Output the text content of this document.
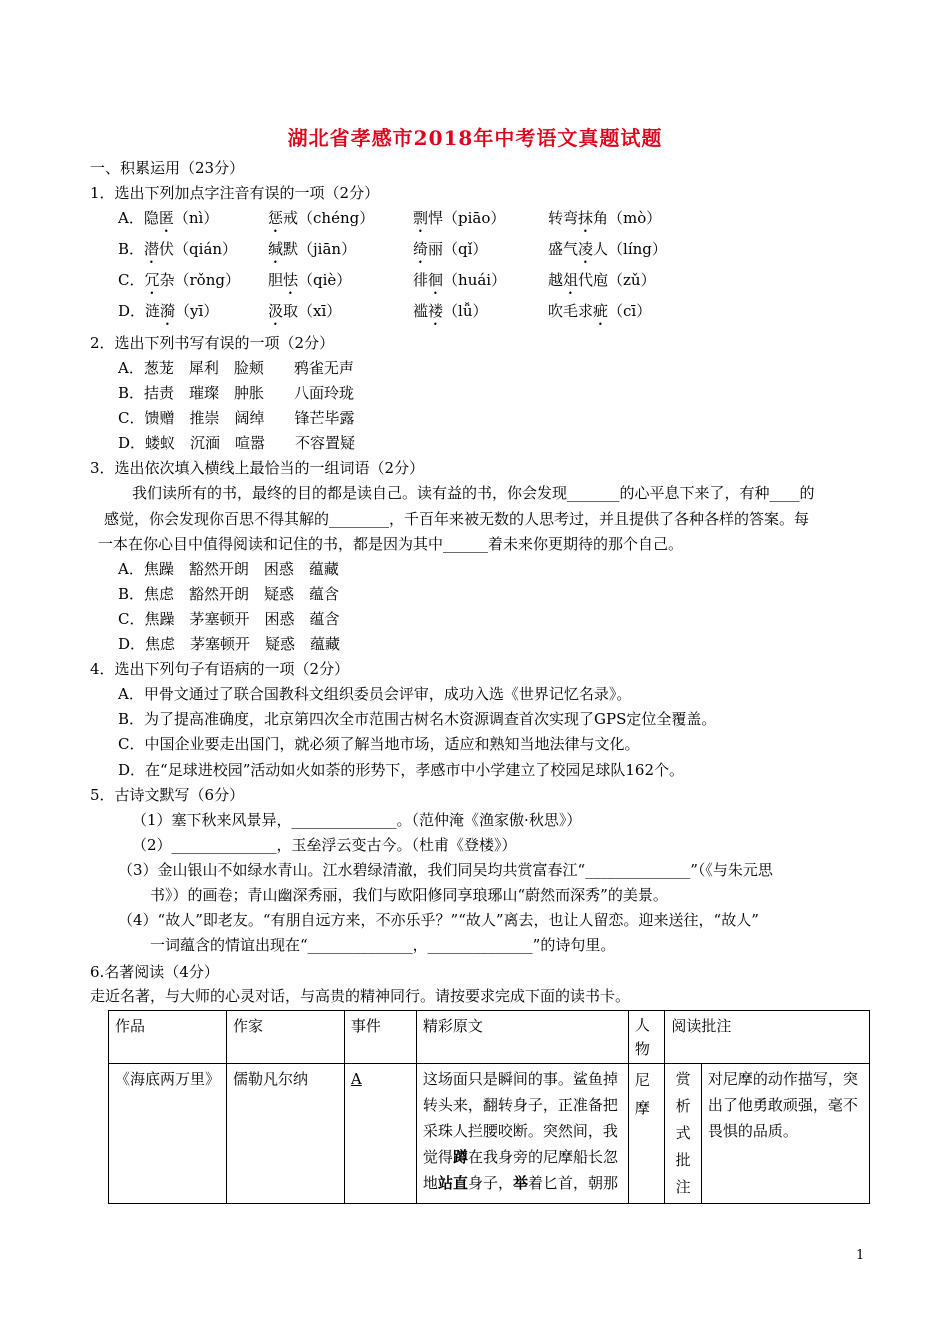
湖北省孝感市2018年中考语文真题试题
一、积累运用（23分）
1．选出下列加点字注音有误的一项（2分）
A．隐匿（nì）	惩戒（chéng）	剽悍（piāo）	转弯抹角（mò）
B．潜伏（qián） 缄默（jiān）	绮丽（qǐ）	盛气凌人（líng）
C．冗杂（rǒng） 胆怯（qiè）	徘徊（huái）	越俎代庖（zǔ）
D．涟漪（yī）	汲取（xī）	褴褛（lǚ）	吹毛求疵（cī）
2．选出下列书写有误的一项（2分）
A．葱茏　犀利　脸颊　　鸦雀无声
B．拮责　璀璨　肿胀　　八面玲珑
C．馈赠　推崇　阔绰　　锋芒毕露
D．蝼蚁　沉湎　喧嚣　　不容置疑
3．选出依次填入横线上最恰当的一组词语（2分）
我们读所有的书，最终的目的都是读自己。读有益的书，你会发现_______的心平息下来了，有种____的
感觉，你会发现你百思不得其解的________，千百年来被无数的人思考过，并且提供了各种各样的答案。每
一本在你心目中值得阅读和记住的书，都是因为其中______着未来你更期待的那个自己。
A．焦躁　豁然开朗　困惑　蕴藏
B．焦虑　豁然开朗　疑惑　蕴含
C．焦躁　茅塞顿开　困惑　蕴含
D．焦虑　茅塞顿开　疑惑　蕴藏
4．选出下列句子有语病的一项（2分）
A．甲骨文通过了联合国教科文组织委员会评审，成功入选《世界记忆名录》。
B．为了提高准确度，北京第四次全市范围古树名木资源调查首次实现了GPS定位全覆盖。
C．中国企业要走出国门，就必须了解当地市场，适应和熟知当地法律与文化。
D．在“足球进校园”活动如火如荼的形势下，孝感市中小学建立了校园足球队162个。
5．古诗文默写（6分）
（1）塞下秋来风景异，______________。（范仲淹《渔家傲·秋思》）
（2）______________，玉垒浮云变古今。（杜甫《登楼》）
（3）金山银山不如绿水青山。江水碧绿清澈，我们同吴均共赏富春江“______________”（《与朱元思
书》）的画卷；青山幽深秀丽，我们与欧阳修同享琅琊山“蔚然而深秀”的美景。
（4）“故人”即老友。“有朋自远方来，不亦乐乎？”“故人”离去，也让人留恋。迎来送往，“故人”
一词蕴含的情谊出现在“______________，______________”的诗句里。
6.名著阅读（4分）
走近名著，与大师的心灵对话，与高贵的精神同行。请按要求完成下面的读书卡。
作品	作家	事件	精彩原文	人物	阅读批注	
《海底两万里》	儒勒凡尔纳	A	这场面只是瞬间的事。鲨鱼掉转头来，翻转身子，正准备把采珠人拦腰咬断。突然间，我觉得蹲在我身旁的尼摩船长忽地站直身子，举着匕首，朝那	尼摩	赏析式批注	对尼摩的动作描写，突出了他勇敢顽强，毫不畏惧的品质。
1
